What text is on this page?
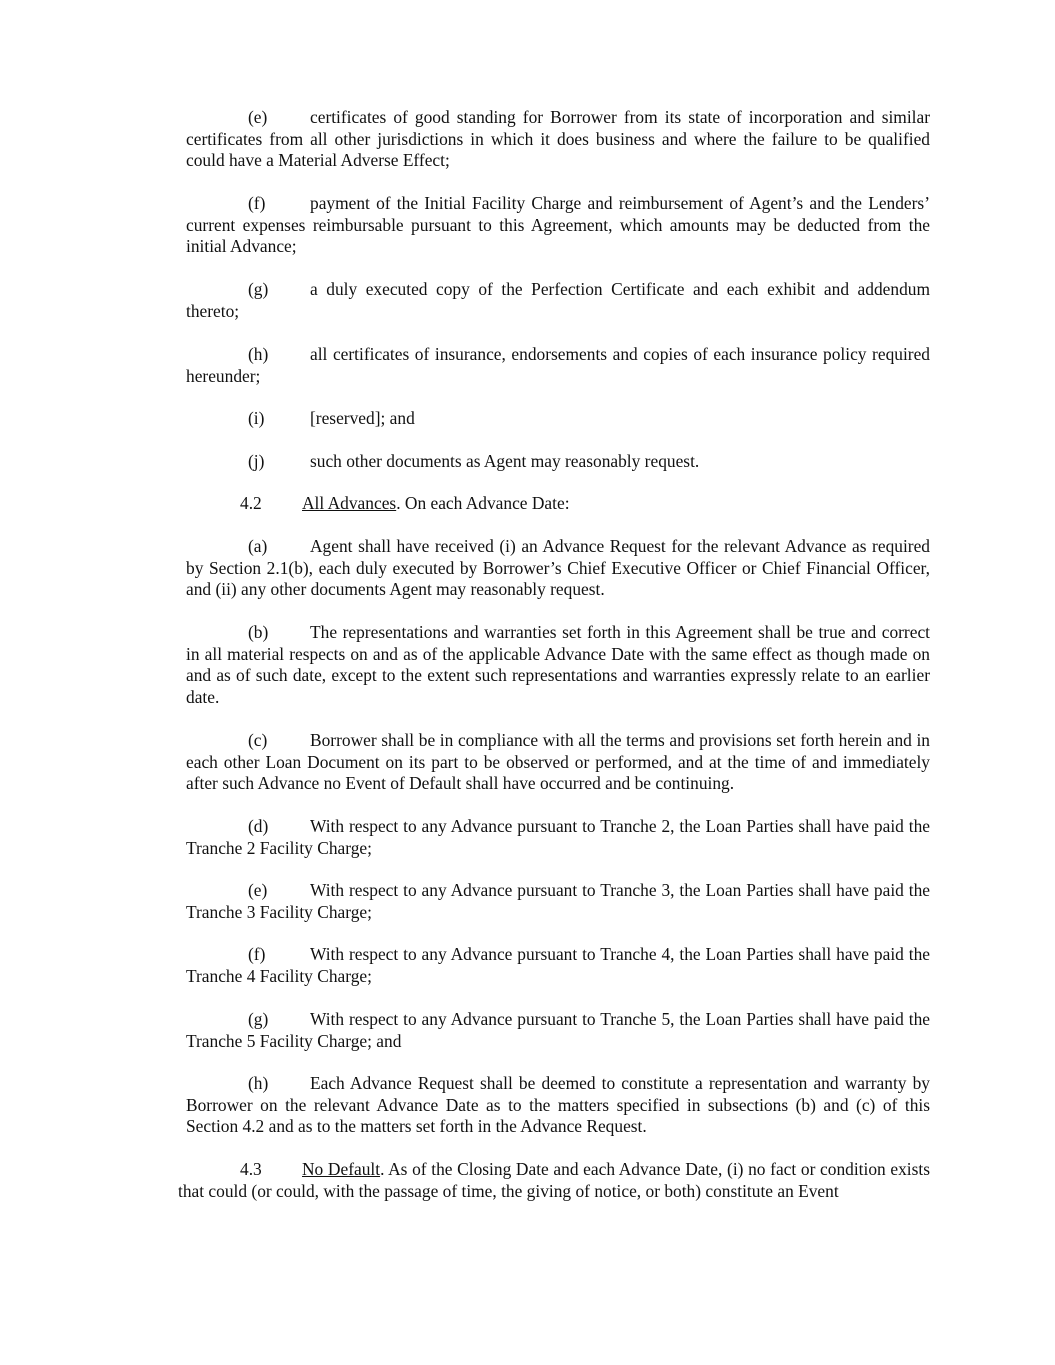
(e) certificates of good standing for Borrower from its state of incorporation and similar certificates from all other jurisdictions in which it does business and where the failure to be qualified could have a Material Adverse Effect;

(f)	payment of the Initial Facility Charge and reimbursement of Agent’s and the Lenders’ current expenses reimbursable pursuant to this Agreement, which amounts may be deducted from the initial Advance;

(g) a duly executed copy of the Perfection Certificate and each exhibit and addendum thereto;

(h) all certificates of insurance, endorsements and copies of each insurance policy required hereunder;

(i)	[reserved]; and

(j)	such other documents as Agent may reasonably request.

4.2 All Advances. On each Advance Date:

(a) Agent shall have received (i) an Advance Request for the relevant Advance as required by Section 2.1(b), each duly executed by Borrower’s Chief Executive Officer or Chief Financial Officer, and (ii) any other documents Agent may reasonably request.

(b) The representations and warranties set forth in this Agreement shall be true and correct in all material respects on and as of the applicable Advance Date with the same effect as though made on and as of such date, except to the extent such representations and warranties expressly relate to an earlier date.

(c) Borrower shall be in compliance with all the terms and provisions set forth herein and in each other Loan Document on its part to be observed or performed, and at the time of and immediately after such Advance no Event of Default shall have occurred and be continuing.

(d) With respect to any Advance pursuant to Tranche 2, the Loan Parties shall have paid the Tranche 2 Facility Charge;

(e) With respect to any Advance pursuant to Tranche 3, the Loan Parties shall have paid the Tranche 3 Facility Charge;

(f)	With respect to any Advance pursuant to Tranche 4, the Loan Parties shall have paid the Tranche 4 Facility Charge;

(g) With respect to any Advance pursuant to Tranche 5, the Loan Parties shall have paid the Tranche 5 Facility Charge; and

(h) Each Advance Request shall be deemed to constitute a representation and warranty by Borrower on the relevant Advance Date as to the matters specified in subsections (b) and (c) of this Section 4.2 and as to the matters set forth in the Advance Request.

4.3 No Default. As of the Closing Date and each Advance Date, (i) no fact or condition exists that could (or could, with the passage of time, the giving of notice, or both) constitute an Event
